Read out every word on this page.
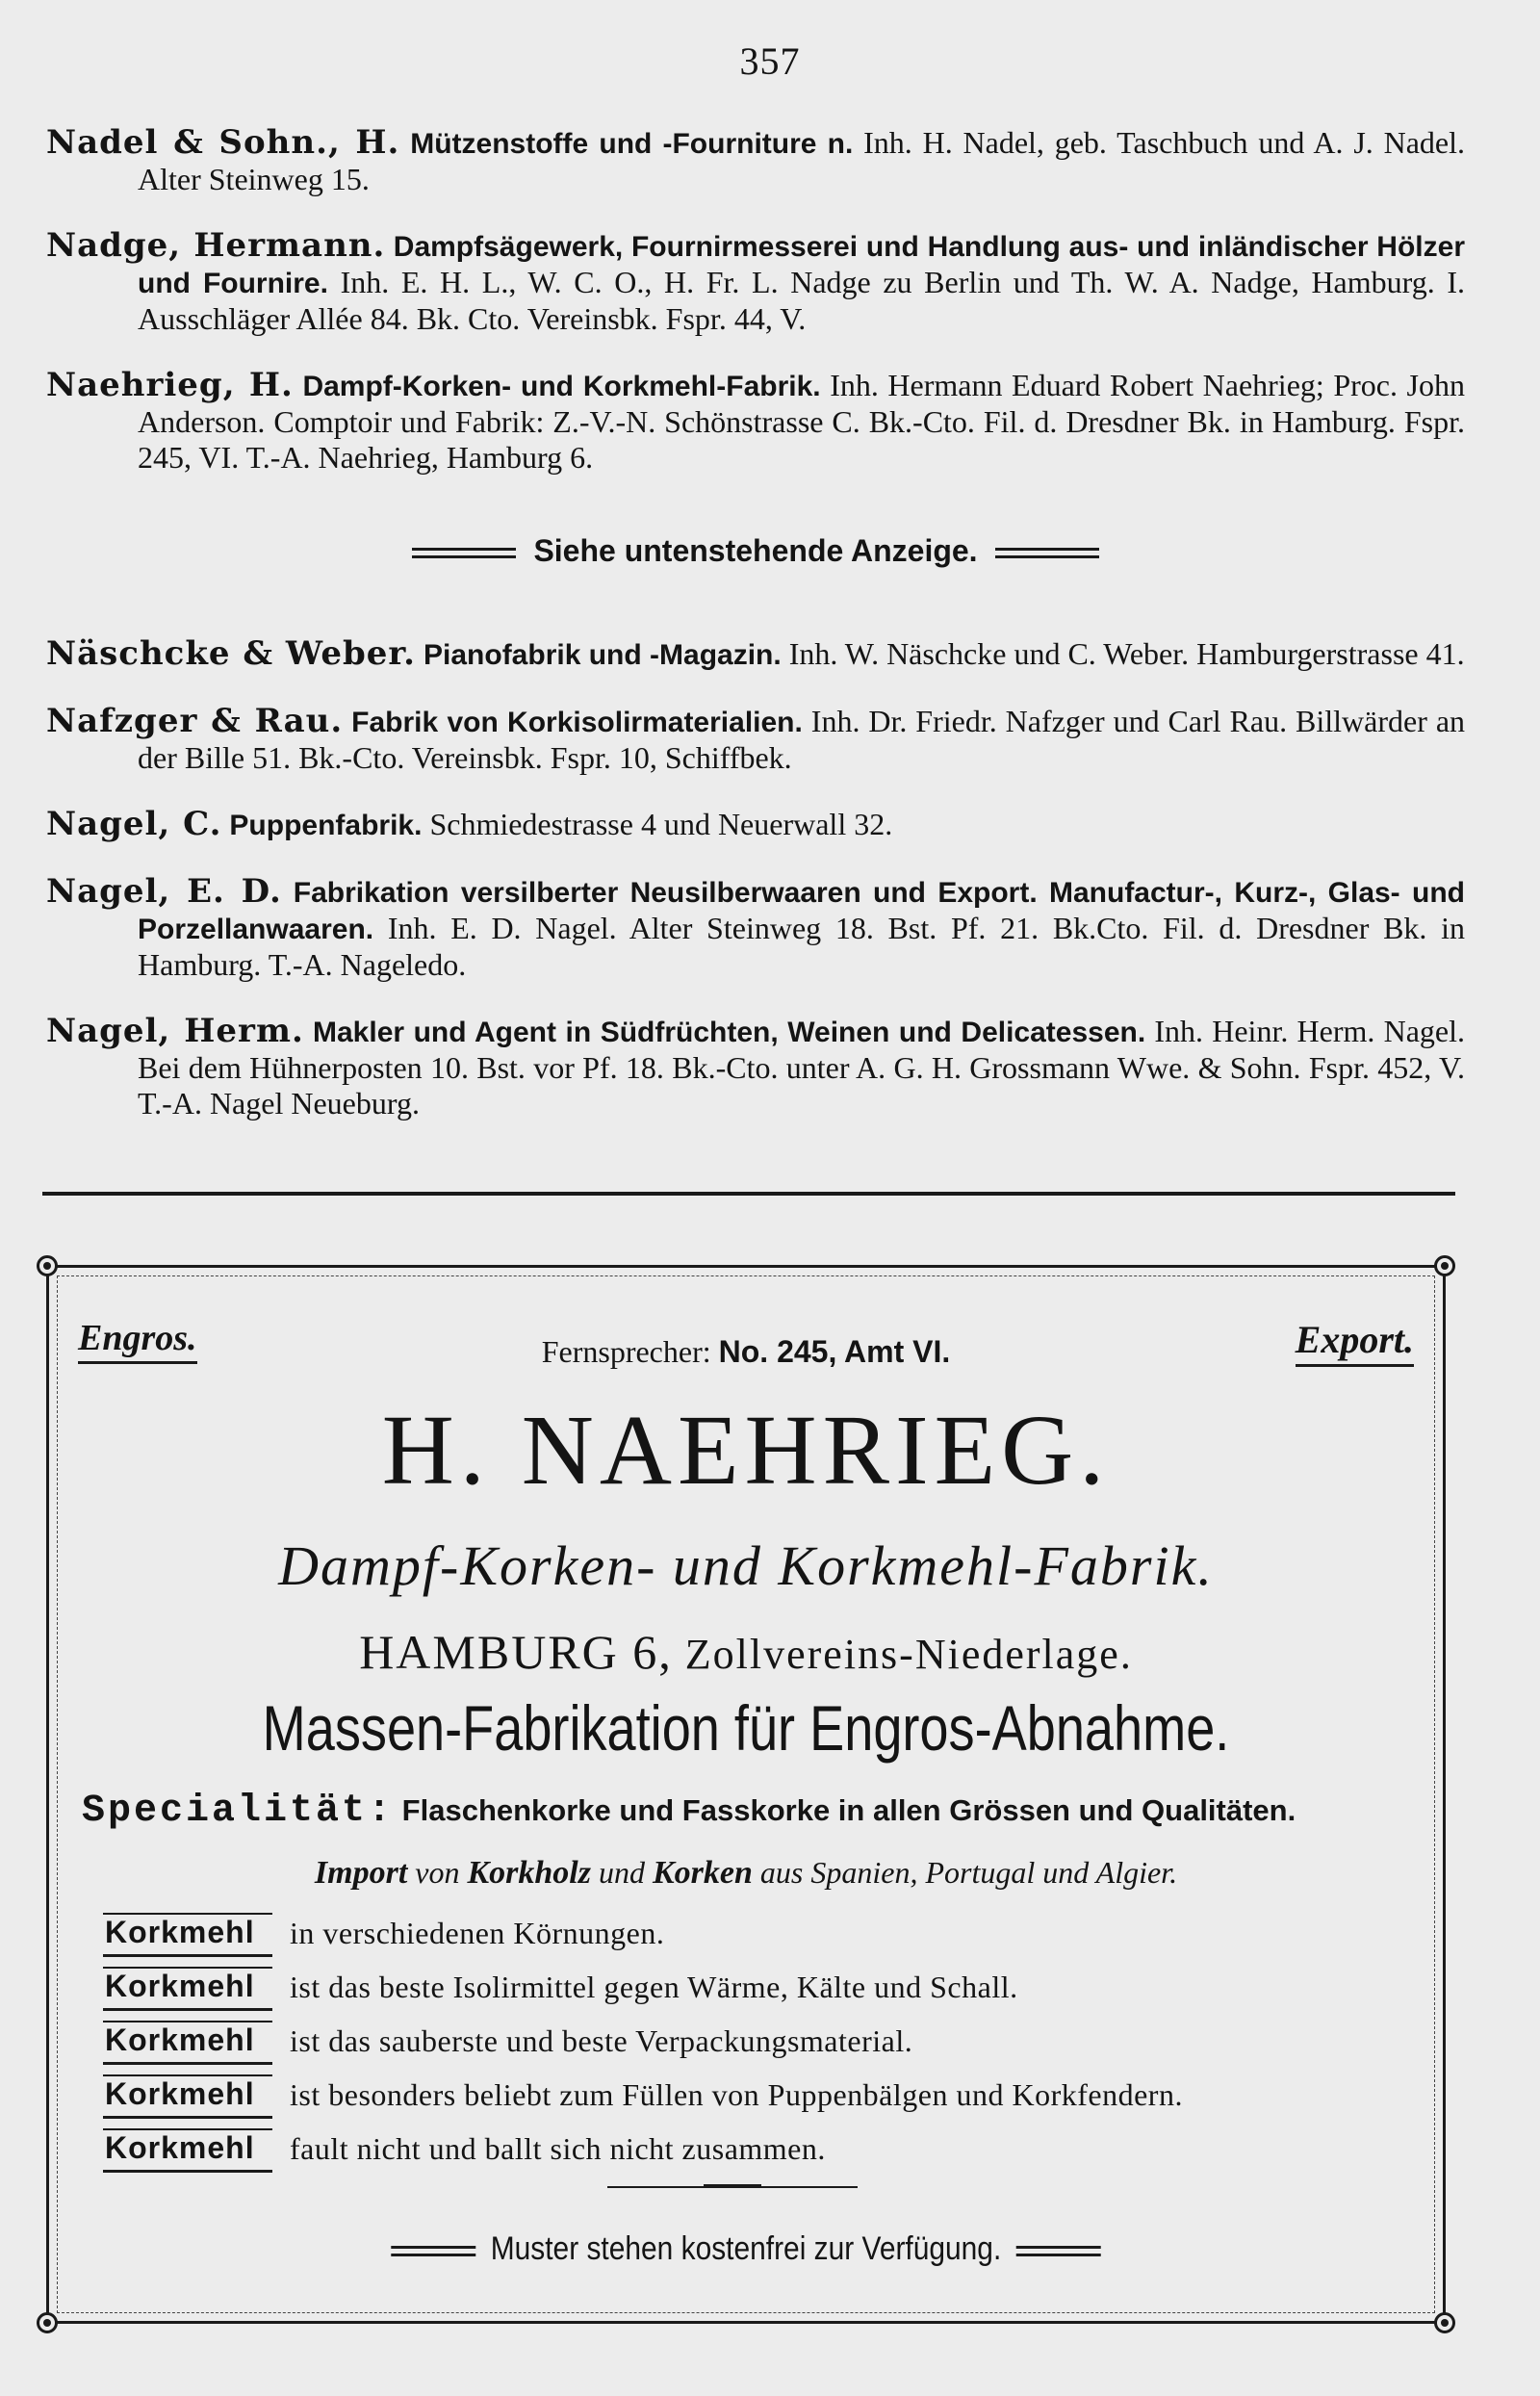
357

Nadel & Sohn., H. Mützenstoffe und -Fourniture n. Inh. H. Nadel, geb. Taschbuch und A. J. Nadel. Alter Steinweg 15.

Nadge, Hermann. Dampfsägewerk, Fournirmesserei und Handlung aus- und inländischer Hölzer und Fournire. Inh. E. H. L., W. C. O., H. Fr. L. Nadge zu Berlin und Th. W. A. Nadge, Hamburg. I. Ausschläger Allée 84. Bk. Cto. Vereinsbk. Fspr. 44, V.

Naehrieg, H. Dampf-Korken- und Korkmehl-Fabrik. Inh. Hermann Eduard Robert Naehrieg; Proc. John Anderson. Comptoir und Fabrik: Z.-V.-N. Schönstrasse C. Bk.-Cto. Fil. d. Dresdner Bk. in Hamburg. Fspr. 245, VI. T.-A. Naehrieg, Hamburg 6.

Siehe untenstehende Anzeige.

Näschcke & Weber. Pianofabrik und -Magazin. Inh. W. Näschcke und C. Weber. Hamburgerstrasse 41.

Nafzger & Rau. Fabrik von Korkisolirmaterialien. Inh. Dr. Friedr. Nafzger und Carl Rau. Billwärder an der Bille 51. Bk.-Cto. Vereinsbk. Fspr. 10, Schiffbek.

Nagel, C. Puppenfabrik. Schmiedestrasse 4 und Neuerwall 32.

Nagel, E. D. Fabrikation versilberter Neusilberwaaren und Export. Manufactur-, Kurz-, Glas- und Porzellanwaaren. Inh. E. D. Nagel. Alter Steinweg 18. Bst. Pf. 21. Bk.Cto. Fil. d. Dresdner Bk. in Hamburg. T.-A. Nageledo.

Nagel, Herm. Makler und Agent in Südfrüchten, Weinen und Delicatessen. Inh. Heinr. Herm. Nagel. Bei dem Hühnerposten 10. Bst. vor Pf. 18. Bk.-Cto. unter A. G. H. Grossmann Wwe. & Sohn. Fspr. 452, V. T.-A. Nagel Neueburg.

Engros.	Fernsprecher: No. 245, Amt VI.	Export.
H. NAEHRIEG.
Dampf-Korken- und Korkmehl-Fabrik.
HAMBURG 6, Zollvereins-Niederlage.
Massen-Fabrikation für Engros-Abnahme.
Specialität: Flaschenkorke und Fasskorke in allen Grössen und Qualitäten.
Import von Korkholz und Korken aus Spanien, Portugal und Algier.
Korkmehl	in verschiedenen Körnungen.
Korkmehl	ist das beste Isolirmittel gegen Wärme, Kälte und Schall.
Korkmehl	ist das sauberste und beste Verpackungsmaterial.
Korkmehl	ist besonders beliebt zum Füllen von Puppenbälgen und Korkfendern.
Korkmehl	fault nicht und ballt sich nicht zusammen.
Muster stehen kostenfrei zur Verfügung.
